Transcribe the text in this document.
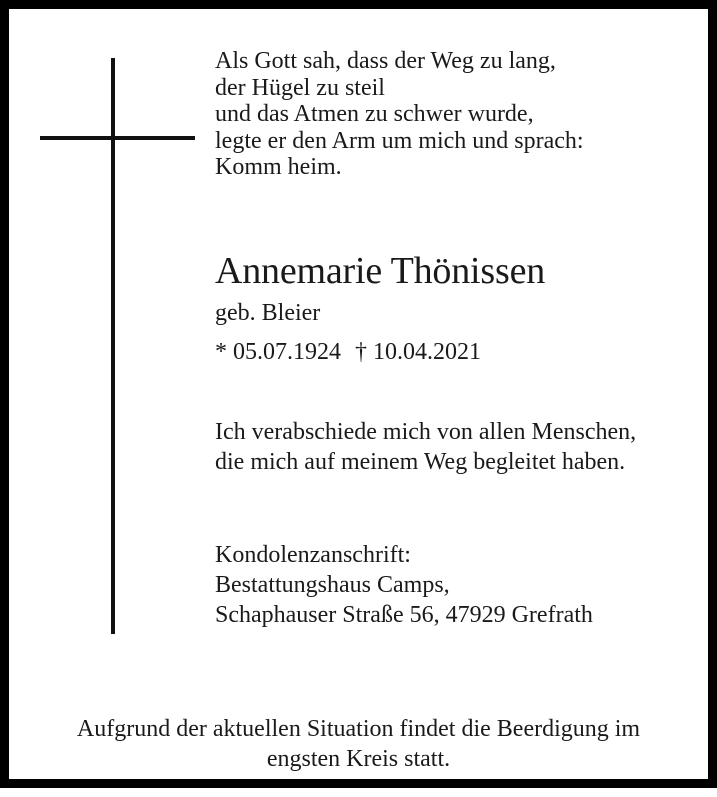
Als Gott sah, dass der Weg zu lang,
der Hügel zu steil
und das Atmen zu schwer wurde,
legte er den Arm um mich und sprach:
Komm heim.

Annemarie Thönissen

geb. Bleier

* 05.07.1924 † 10.04.2021

Ich verabschiede mich von allen Menschen,
die mich auf meinem Weg begleitet haben.

Kondolenzanschrift:
Bestattungshaus Camps,
Schaphauser Straße 56, 47929 Grefrath

Aufgrund der aktuellen Situation findet die Beerdigung im
engsten Kreis statt.
